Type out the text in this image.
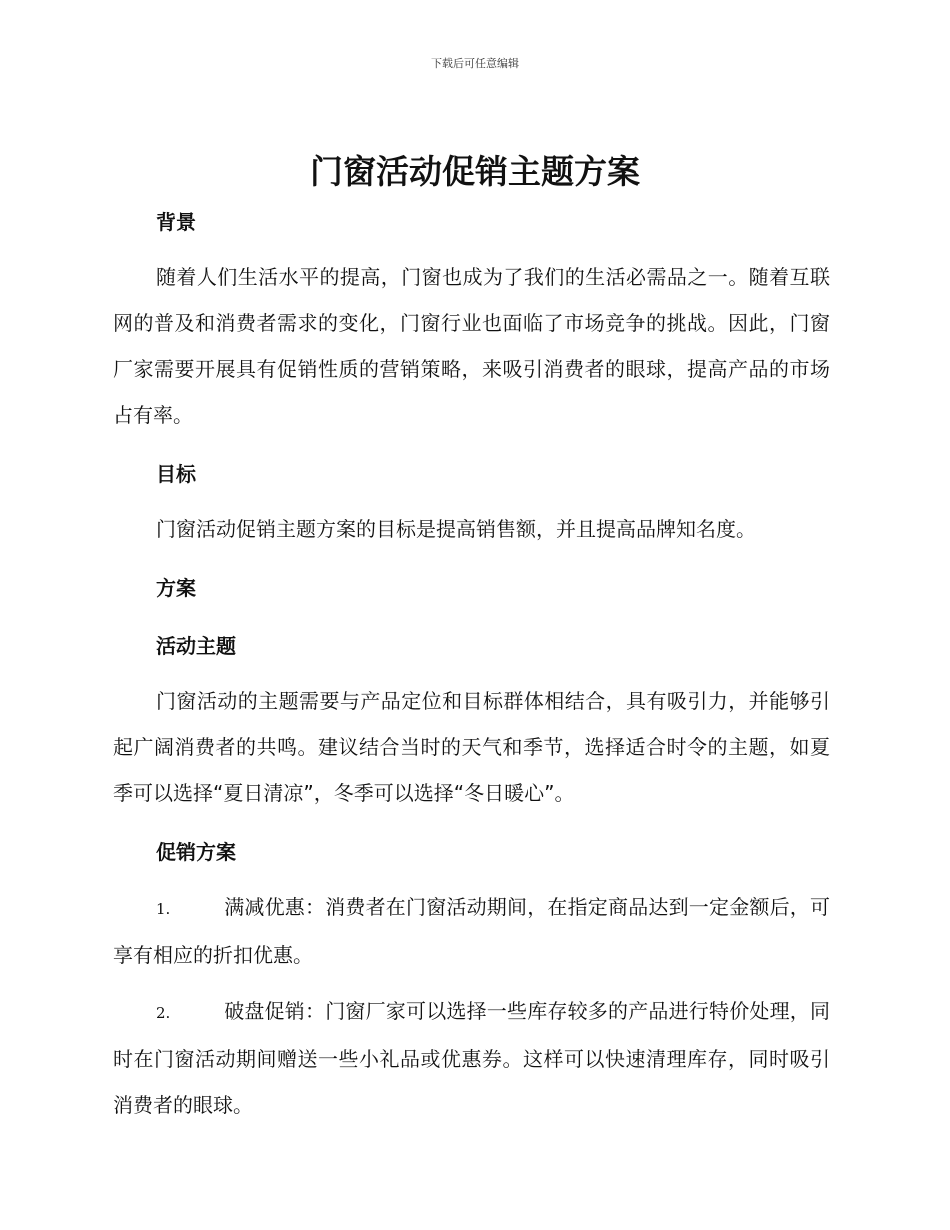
下载后可任意编辑
门窗活动促销主题方案

背景

随着人们生活水平的提高，门窗也成为了我们的生活必需品之一。随着互联网的普及和消费者需求的变化，门窗行业也面临了市场竞争的挑战。因此，门窗厂家需要开展具有促销性质的营销策略，来吸引消费者的眼球，提高产品的市场占有率。

目标

门窗活动促销主题方案的目标是提高销售额，并且提高品牌知名度。

方案

活动主题

门窗活动的主题需要与产品定位和目标群体相结合，具有吸引力，并能够引起广阔消费者的共鸣。建议结合当时的天气和季节，选择适合时令的主题，如夏季可以选择“夏日清凉”，冬季可以选择“冬日暖心”。

促销方案

1.	满减优惠：消费者在门窗活动期间，在指定商品达到一定金额后，可享有相应的折扣优惠。

2.	破盘促销：门窗厂家可以选择一些库存较多的产品进行特价处理，同时在门窗活动期间赠送一些小礼品或优惠券。这样可以快速清理库存，同时吸引消费者的眼球。
